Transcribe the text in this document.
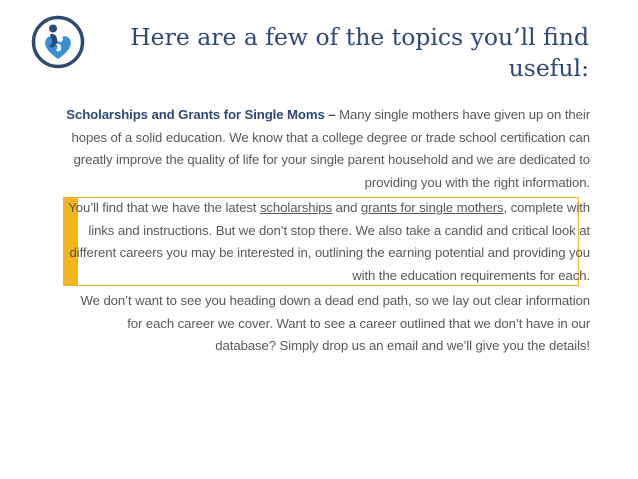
Here are a few of the topics you’ll find useful:

Scholarships and Grants for Single Moms – Many single mothers have given up on their hopes of a solid education. We know that a college degree or trade school certification can greatly improve the quality of life for your single parent household and we are dedicated to providing you with the right information.

You’ll find that we have the latest scholarships and grants for single mothers, complete with links and instructions. But we don’t stop there. We also take a candid and critical look at different careers you may be interested in, outlining the earning potential and providing you with the education requirements for each.

We don’t want to see you heading down a dead end path, so we lay out clear information for each career we cover. Want to see a career outlined that we don’t have in our database? Simply drop us an email and we’ll give you the details!
